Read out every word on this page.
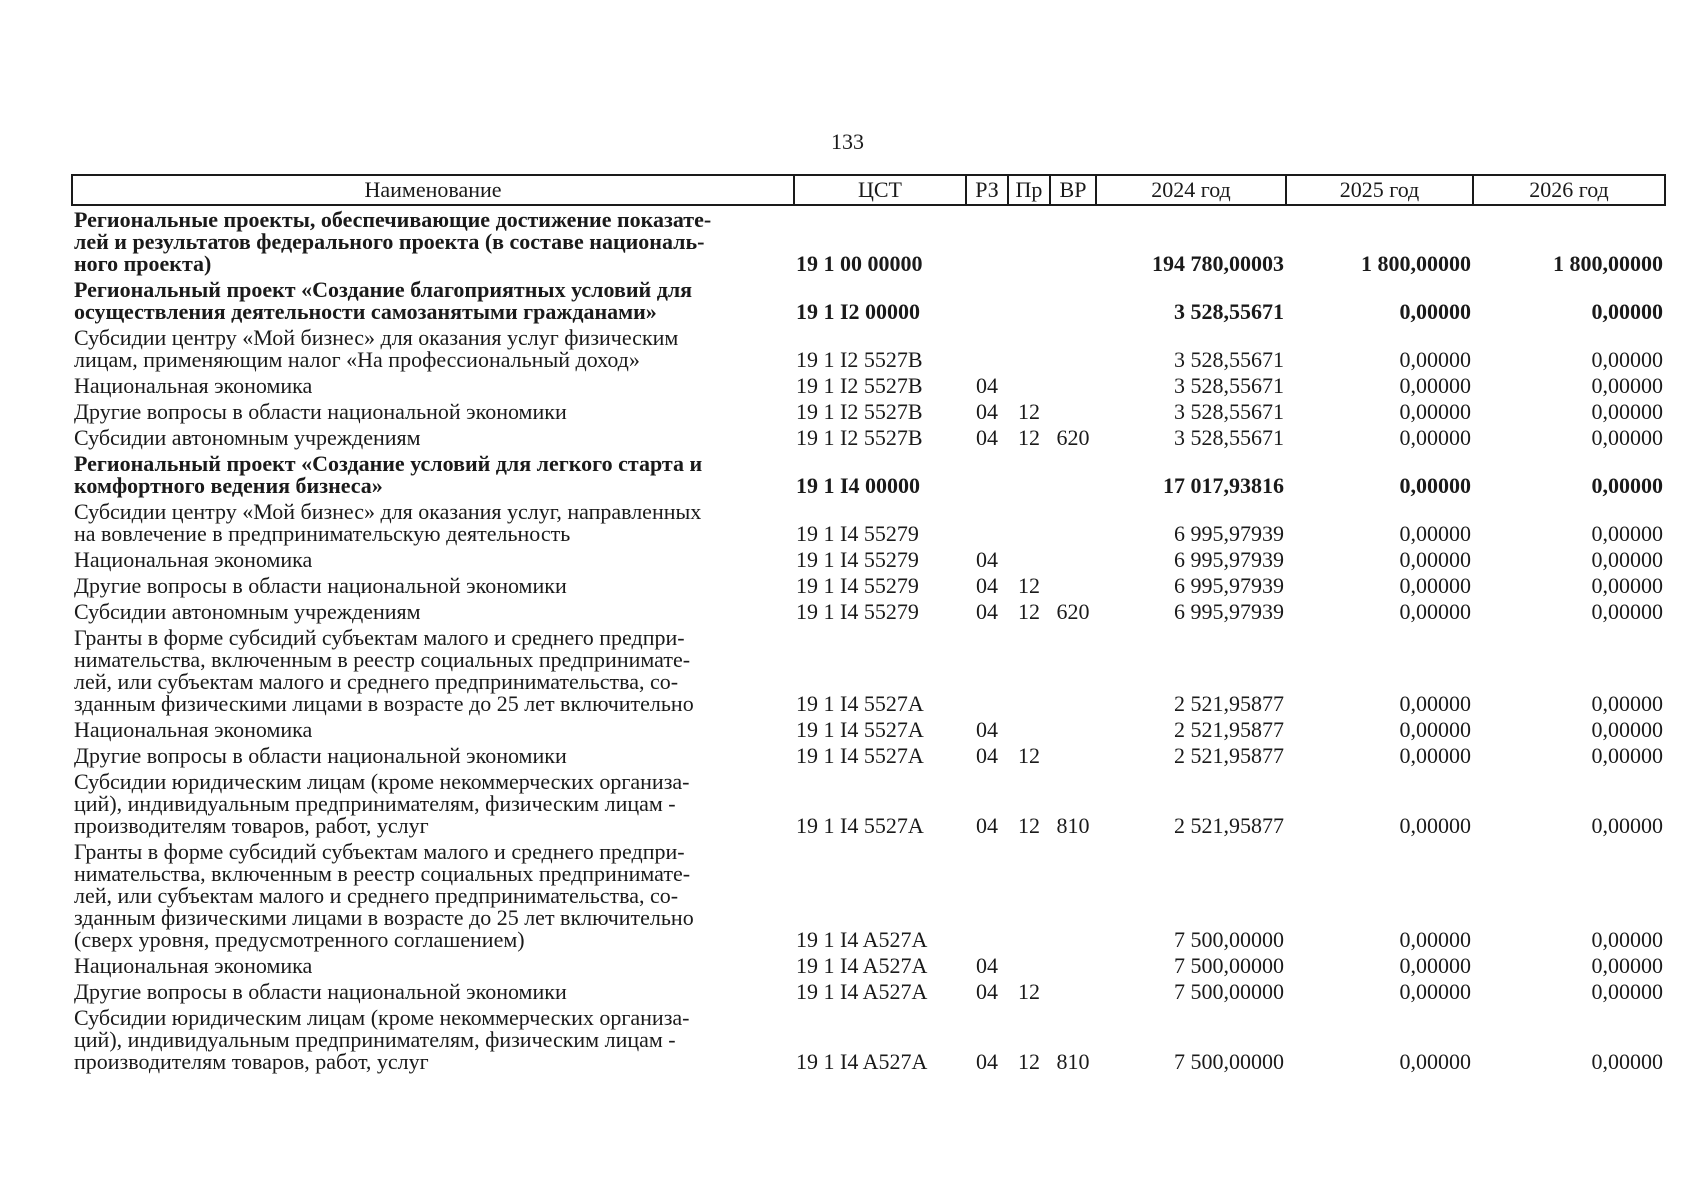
133
Наименование	ЦСТ	РЗ	Пр	ВР	2024 год	2025 год	2026 год
Региональные проекты, обеспечивающие достижение показате-
лей и результатов федерального проекта (в составе националь-
ного проекта)	19 1 00 00000				194 780,00003	1 800,00000	1 800,00000
Региональный проект «Создание благоприятных условий для
осуществления деятельности самозанятыми гражданами»	19 1 I2 00000				3 528,55671	0,00000	0,00000
Субсидии центру «Мой бизнес» для оказания услуг физическим
лицам, применяющим налог «На профессиональный доход»	19 1 I2 5527B				3 528,55671	0,00000	0,00000
Национальная экономика	19 1 I2 5527B	04			3 528,55671	0,00000	0,00000
Другие вопросы в области национальной экономики	19 1 I2 5527B	04	12		3 528,55671	0,00000	0,00000
Субсидии автономным учреждениям	19 1 I2 5527B	04	12	620	3 528,55671	0,00000	0,00000
Региональный проект «Создание условий для легкого старта и
комфортного ведения бизнеса»	19 1 I4 00000				17 017,93816	0,00000	0,00000
Субсидии центру «Мой бизнес» для оказания услуг, направленных
на вовлечение в предпринимательскую деятельность	19 1 I4 55279				6 995,97939	0,00000	0,00000
Национальная экономика	19 1 I4 55279	04			6 995,97939	0,00000	0,00000
Другие вопросы в области национальной экономики	19 1 I4 55279	04	12		6 995,97939	0,00000	0,00000
Субсидии автономным учреждениям	19 1 I4 55279	04	12	620	6 995,97939	0,00000	0,00000
Гранты в форме субсидий субъектам малого и среднего предпри-
нимательства, включенным в реестр социальных предпринимате-
лей, или субъектам малого и среднего предпринимательства, со-
зданным физическими лицами в возрасте до 25 лет включительно	19 1 I4 5527A				2 521,95877	0,00000	0,00000
Национальная экономика	19 1 I4 5527A	04			2 521,95877	0,00000	0,00000
Другие вопросы в области национальной экономики	19 1 I4 5527A	04	12		2 521,95877	0,00000	0,00000
Субсидии юридическим лицам (кроме некоммерческих организа-
ций), индивидуальным предпринимателям, физическим лицам -
производителям товаров, работ, услуг	19 1 I4 5527A	04	12	810	2 521,95877	0,00000	0,00000
Гранты в форме субсидий субъектам малого и среднего предпри-
нимательства, включенным в реестр социальных предпринимате-
лей, или субъектам малого и среднего предпринимательства, со-
зданным физическими лицами в возрасте до 25 лет включительно
(сверх уровня, предусмотренного соглашением)	19 1 I4 A527A				7 500,00000	0,00000	0,00000
Национальная экономика	19 1 I4 A527A	04			7 500,00000	0,00000	0,00000
Другие вопросы в области национальной экономики	19 1 I4 A527A	04	12		7 500,00000	0,00000	0,00000
Субсидии юридическим лицам (кроме некоммерческих организа-
ций), индивидуальным предпринимателям, физическим лицам -
производителям товаров, работ, услуг	19 1 I4 A527A	04	12	810	7 500,00000	0,00000	0,00000
